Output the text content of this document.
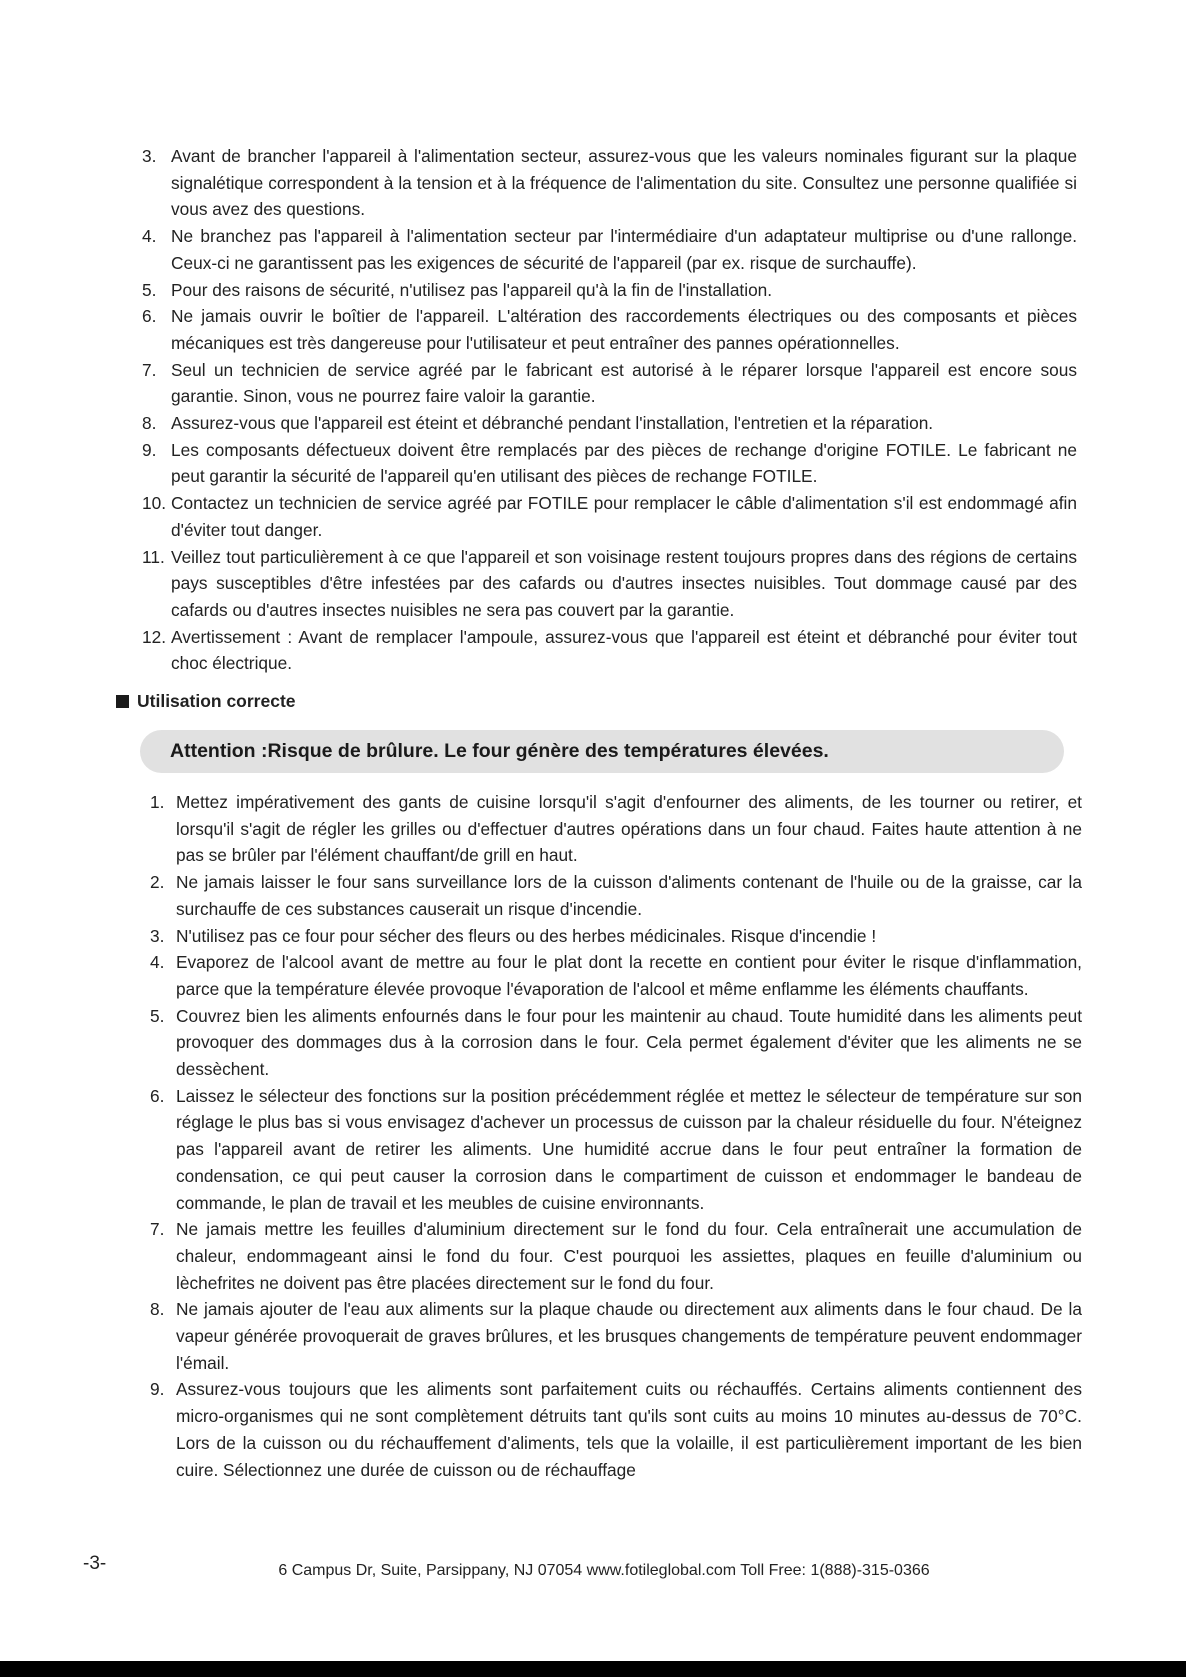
3. Avant de brancher l'appareil à l'alimentation secteur, assurez-vous que les valeurs nominales figurant sur la plaque signalétique correspondent à la tension et à la fréquence de l'alimentation du site. Consultez une personne qualifiée si vous avez des questions.
4. Ne branchez pas l'appareil à l'alimentation secteur par l'intermédiaire d'un adaptateur multiprise ou d'une rallonge. Ceux-ci ne garantissent pas les exigences de sécurité de l'appareil (par ex. risque de surchauffe).
5. Pour des raisons de sécurité, n'utilisez pas l'appareil qu'à la fin de l'installation.
6. Ne jamais ouvrir le boîtier de l'appareil. L'altération des raccordements électriques ou des composants et pièces mécaniques est très dangereuse pour l'utilisateur et peut entraîner des pannes opérationnelles.
7. Seul un technicien de service agréé par le fabricant est autorisé à le réparer lorsque l'appareil est encore sous garantie. Sinon, vous ne pourrez faire valoir la garantie.
8. Assurez-vous que l'appareil est éteint et débranché pendant l'installation, l'entretien et la réparation.
9. Les composants défectueux doivent être remplacés par des pièces de rechange d'origine FOTILE. Le fabricant ne peut garantir la sécurité de l'appareil qu'en utilisant des pièces de rechange FOTILE.
10. Contactez un technicien de service agréé par FOTILE pour remplacer le câble d'alimentation s'il est endommagé afin d'éviter tout danger.
11. Veillez tout particulièrement à ce que l'appareil et son voisinage restent toujours propres dans des régions de certains pays susceptibles d'être infestées par des cafards ou d'autres insectes nuisibles. Tout dommage causé par des cafards ou d'autres insectes nuisibles ne sera pas couvert par la garantie.
12. Avertissement : Avant de remplacer l'ampoule, assurez-vous que l'appareil est éteint et débranché pour éviter tout choc électrique.
Utilisation correcte
Attention :Risque de brûlure. Le four génère des températures élevées.
1. Mettez impérativement des gants de cuisine lorsqu'il s'agit d'enfourner des aliments, de les tourner ou retirer, et lorsqu'il s'agit de régler les grilles ou d'effectuer d'autres opérations dans un four chaud. Faites haute attention à ne pas se brûler par l'élément chauffant/de grill en haut.
2. Ne jamais laisser le four sans surveillance lors de la cuisson d'aliments contenant de l'huile ou de la graisse, car la surchauffe de ces substances causerait un risque d'incendie.
3. N'utilisez pas ce four pour sécher des fleurs ou des herbes médicinales. Risque d'incendie !
4. Evaporez de l'alcool avant de mettre au four le plat dont la recette en contient pour éviter le risque d'inflammation, parce que la température élevée provoque l'évaporation de l'alcool et même enflamme les éléments chauffants.
5. Couvrez bien les aliments enfournés dans le four pour les maintenir au chaud. Toute humidité dans les aliments peut provoquer des dommages dus à la corrosion dans le four. Cela permet également d'éviter que les aliments ne se dessèchent.
6. Laissez le sélecteur des fonctions sur la position précédemment réglée et mettez le sélecteur de température sur son réglage le plus bas si vous envisagez d'achever un processus de cuisson par la chaleur résiduelle du four. N'éteignez pas l'appareil avant de retirer les aliments. Une humidité accrue dans le four peut entraîner la formation de condensation, ce qui peut causer la corrosion dans le compartiment de cuisson et endommager le bandeau de commande, le plan de travail et les meubles de cuisine environnants.
7. Ne jamais mettre les feuilles d'aluminium directement sur le fond du four. Cela entraînerait une accumulation de chaleur, endommageant ainsi le fond du four. C'est pourquoi les assiettes, plaques en feuille d'aluminium ou lèchefrites ne doivent pas être placées directement sur le fond du four.
8. Ne jamais ajouter de l'eau aux aliments sur la plaque chaude ou directement aux aliments dans le four chaud. De la vapeur générée provoquerait de graves brûlures, et les brusques changements de température peuvent endommager l'émail.
9. Assurez-vous toujours que les aliments sont parfaitement cuits ou réchauffés. Certains aliments contiennent des micro-organismes qui ne sont complètement détruits tant qu'ils sont cuits au moins 10 minutes au-dessus de 70°C. Lors de la cuisson ou du réchauffement d'aliments, tels que la volaille, il est particulièrement important de les bien cuire. Sélectionnez une durée de cuisson ou de réchauffage
-3-	6 Campus Dr, Suite, Parsippany, NJ 07054 www.fotileglobal.com Toll Free: 1(888)-315-0366
